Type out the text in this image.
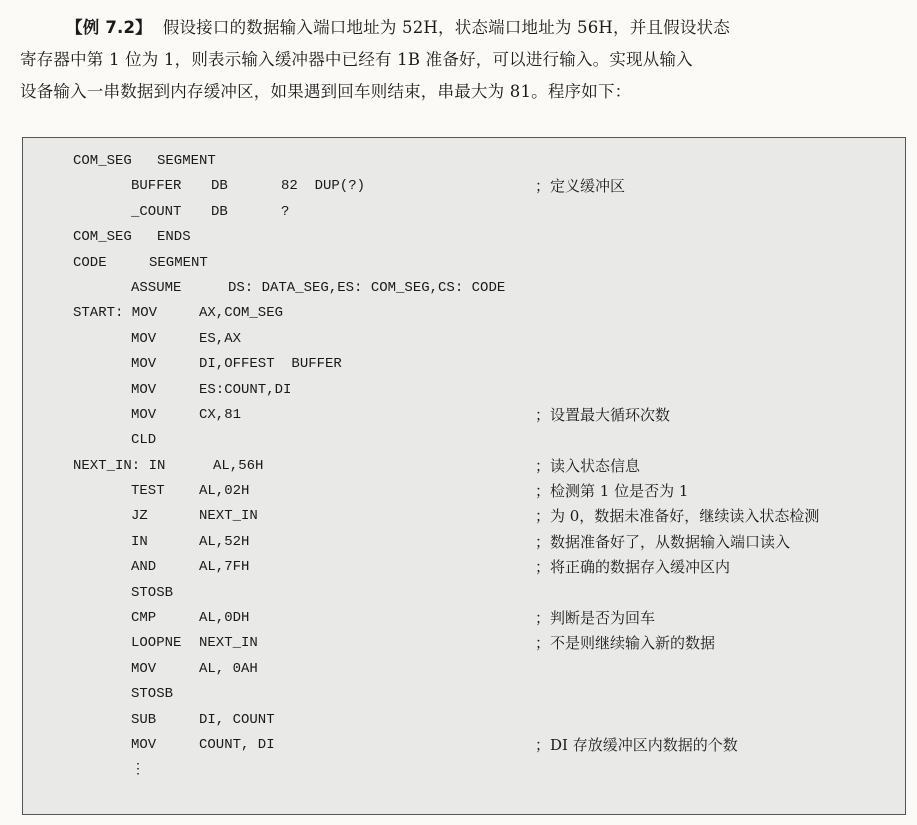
【例 7.2】 假设接口的数据输入端口地址为 52H，状态端口地址为 56H，并且假设状态
寄存器中第 1 位为 1，则表示输入缓冲器中已经有 1B 准备好，可以进行输入。实现从输入
设备输入一串数据到内存缓冲区，如果遇到回车则结束，串最大为 81。程序如下：
COM_SEG SEGMENT
BUFFER DB	82  DUP(?)	；定义缓冲区
_COUNT DB	?
COM_SEG ENDS
CODE	SEGMENT
ASSUME	DS: DATA_SEG,ES: COM_SEG,CS: CODE
START: MOV	AX,COM_SEG
MOV	ES,AX
MOV	DI,OFFEST  BUFFER
MOV	ES:COUNT,DI
MOV	CX,81	；设置最大循环次数
CLD
NEXT_IN: IN	AL,56H	；读入状态信息
TEST AL,02H	；检测第 1 位是否为 1
JZ	NEXT_IN	；为 0，数据未准备好，继续读入状态检测
IN	AL,52H	；数据准备好了，从数据输入端口读入
AND	AL,7FH	；将正确的数据存入缓冲区内
STOSB
CMP	AL,0DH	；判断是否为回车
LOOPNE NEXT_IN	；不是则继续输入新的数据
MOV	AL, 0AH
STOSB
SUB	DI, COUNT
MOV	COUNT, DI	；DI 存放缓冲区内数据的个数
⋮
